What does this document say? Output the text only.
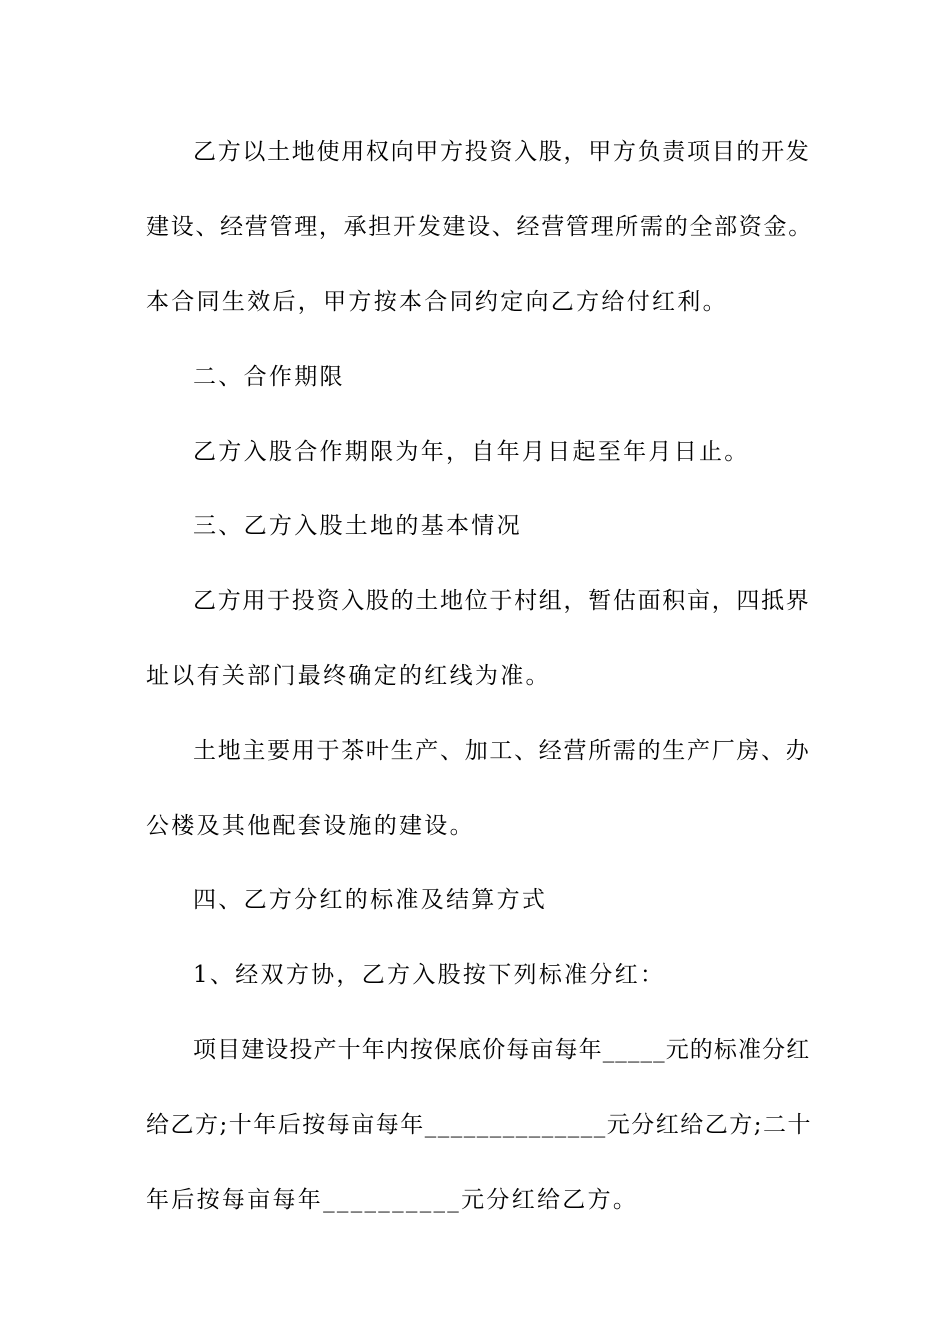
乙方以土地使用权向甲方投资入股，甲方负责项目的开发
建设、经营管理，承担开发建设、经营管理所需的全部资金。
本合同生效后，甲方按本合同约定向乙方给付红利。
二、合作期限
乙方入股合作期限为年，自年月日起至年月日止。
三、乙方入股土地的基本情况
乙方用于投资入股的土地位于村组，暂估面积亩，四抵界
址以有关部门最终确定的红线为准。
土地主要用于茶叶生产、加工、经营所需的生产厂房、办
公楼及其他配套设施的建设。
四、乙方分红的标准及结算方式
1、经双方协，乙方入股按下列标准分红：
项目建设投产十年内按保底价每亩每年_____元的标准分红
给乙方;十年后按每亩每年______________元分红给乙方;二十
年后按每亩每年__________元分红给乙方。
